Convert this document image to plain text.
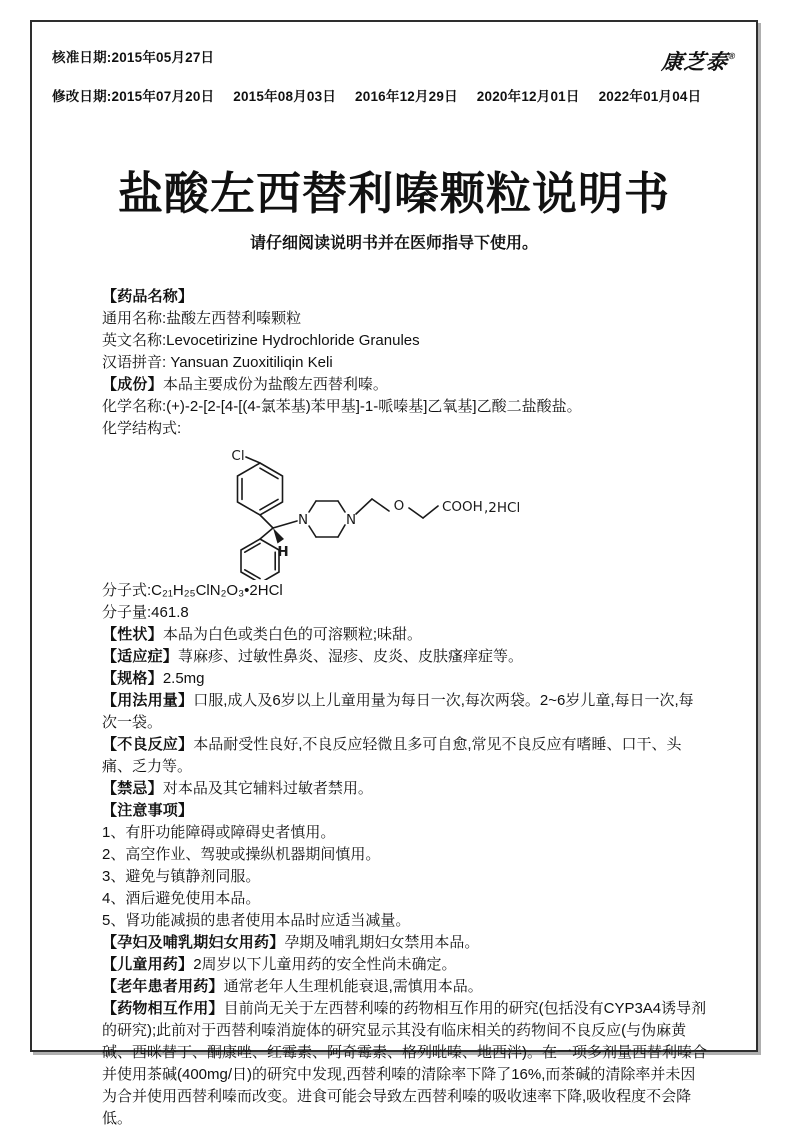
核准日期:2015年05月27日	康芝泰®
修改日期:2015年07月20日 2015年08月03日 2016年12月29日 2020年12月01日 2022年01月04日
盐酸左西替利嗪颗粒说明书
请仔细阅读说明书并在医师指导下使用。

【药品名称】

通用名称:盐酸左西替利嗪颗粒

英文名称:Levocetirizine Hydrochloride Granules

汉语拼音: Yansuan Zuoxitiliqin Keli

【成份】本品主要成份为盐酸左西替利嗪。

化学名称:(+)-2-[2-[4-[(4-氯苯基)苯甲基]-1-哌嗪基]乙氧基]乙酸二盐酸盐。

化学结构式:

Cl
N	N
O
H
COOH ,2HCl

分子式:C₂₁H₂₅ClN₂O₃•2HCl

分子量:461.8

【性状】本品为白色或类白色的可溶颗粒;味甜。

【适应症】荨麻疹、过敏性鼻炎、湿疹、皮炎、皮肤瘙痒症等。

【规格】2.5mg

【用法用量】口服,成人及6岁以上儿童用量为每日一次,每次两袋。2~6岁儿童,每日一次,每次一袋。

【不良反应】本品耐受性良好,不良反应轻微且多可自愈,常见不良反应有嗜睡、口干、头痛、乏力等。

【禁忌】对本品及其它辅料过敏者禁用。

【注意事项】

1、有肝功能障碍或障碍史者慎用。

2、高空作业、驾驶或操纵机器期间慎用。

3、避免与镇静剂同服。

4、酒后避免使用本品。

5、肾功能减损的患者使用本品时应适当减量。

【孕妇及哺乳期妇女用药】孕期及哺乳期妇女禁用本品。

【儿童用药】2周岁以下儿童用药的安全性尚未确定。

【老年患者用药】通常老年人生理机能衰退,需慎用本品。

【药物相互作用】目前尚无关于左西替利嗪的药物相互作用的研究(包括没有CYP3A4诱导剂的研究);此前对于西替利嗪消旋体的研究显示其没有临床相关的药物间不良反应(与伪麻黄碱、西咪替丁、酮康唑、红霉素、阿奇霉素、格列吡嗪、地西泮)。在一项多剂量西替利嗪合并使用茶碱(400mg/日)的研究中发现,西替利嗪的清除率下降了16%,而茶碱的清除率并未因为合并使用西替利嗪而改变。进食可能会导致左西替利嗪的吸收速率下降,吸收程度不会降低。
